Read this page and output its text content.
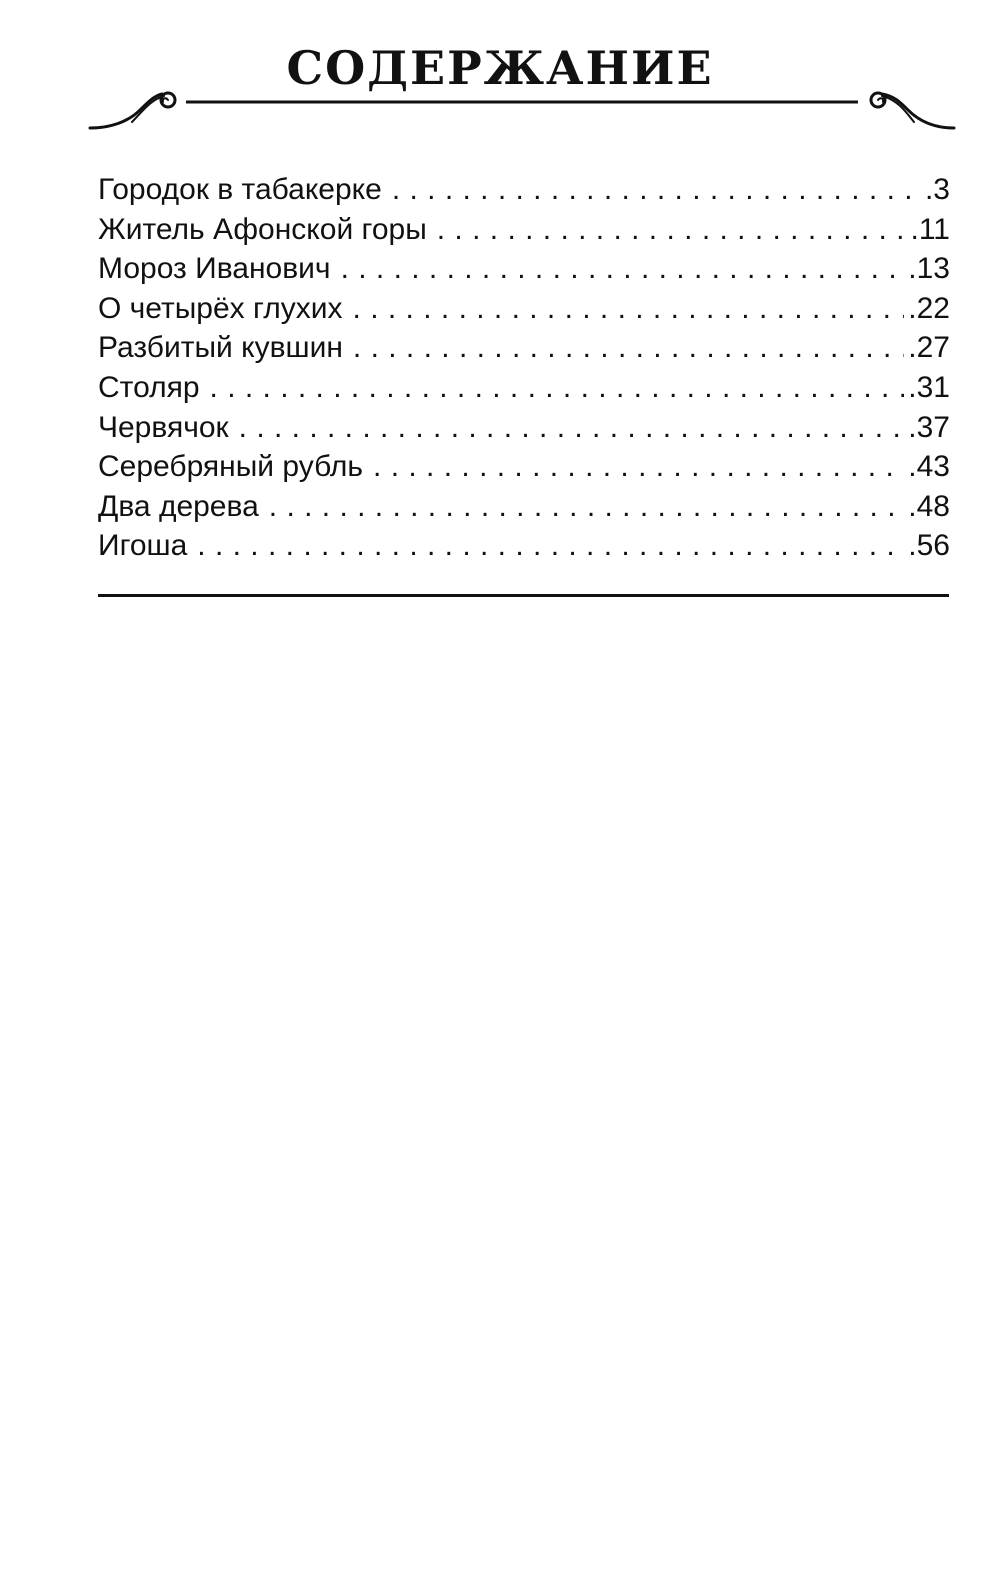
СОДЕРЖАНИЕ
Городок в табакерке . . .	.3
Житель Афонской горы . . .	.11
Мороз Иванович . . .	.13
О четырёх глухих . . .	.22
Разбитый кувшин . . .	.27
Столяр . . .	.31
Червячок . . .	.37
Серебряный рубль . . .	.43
Два дерева . . .	.48
Игоша . . .	.56
